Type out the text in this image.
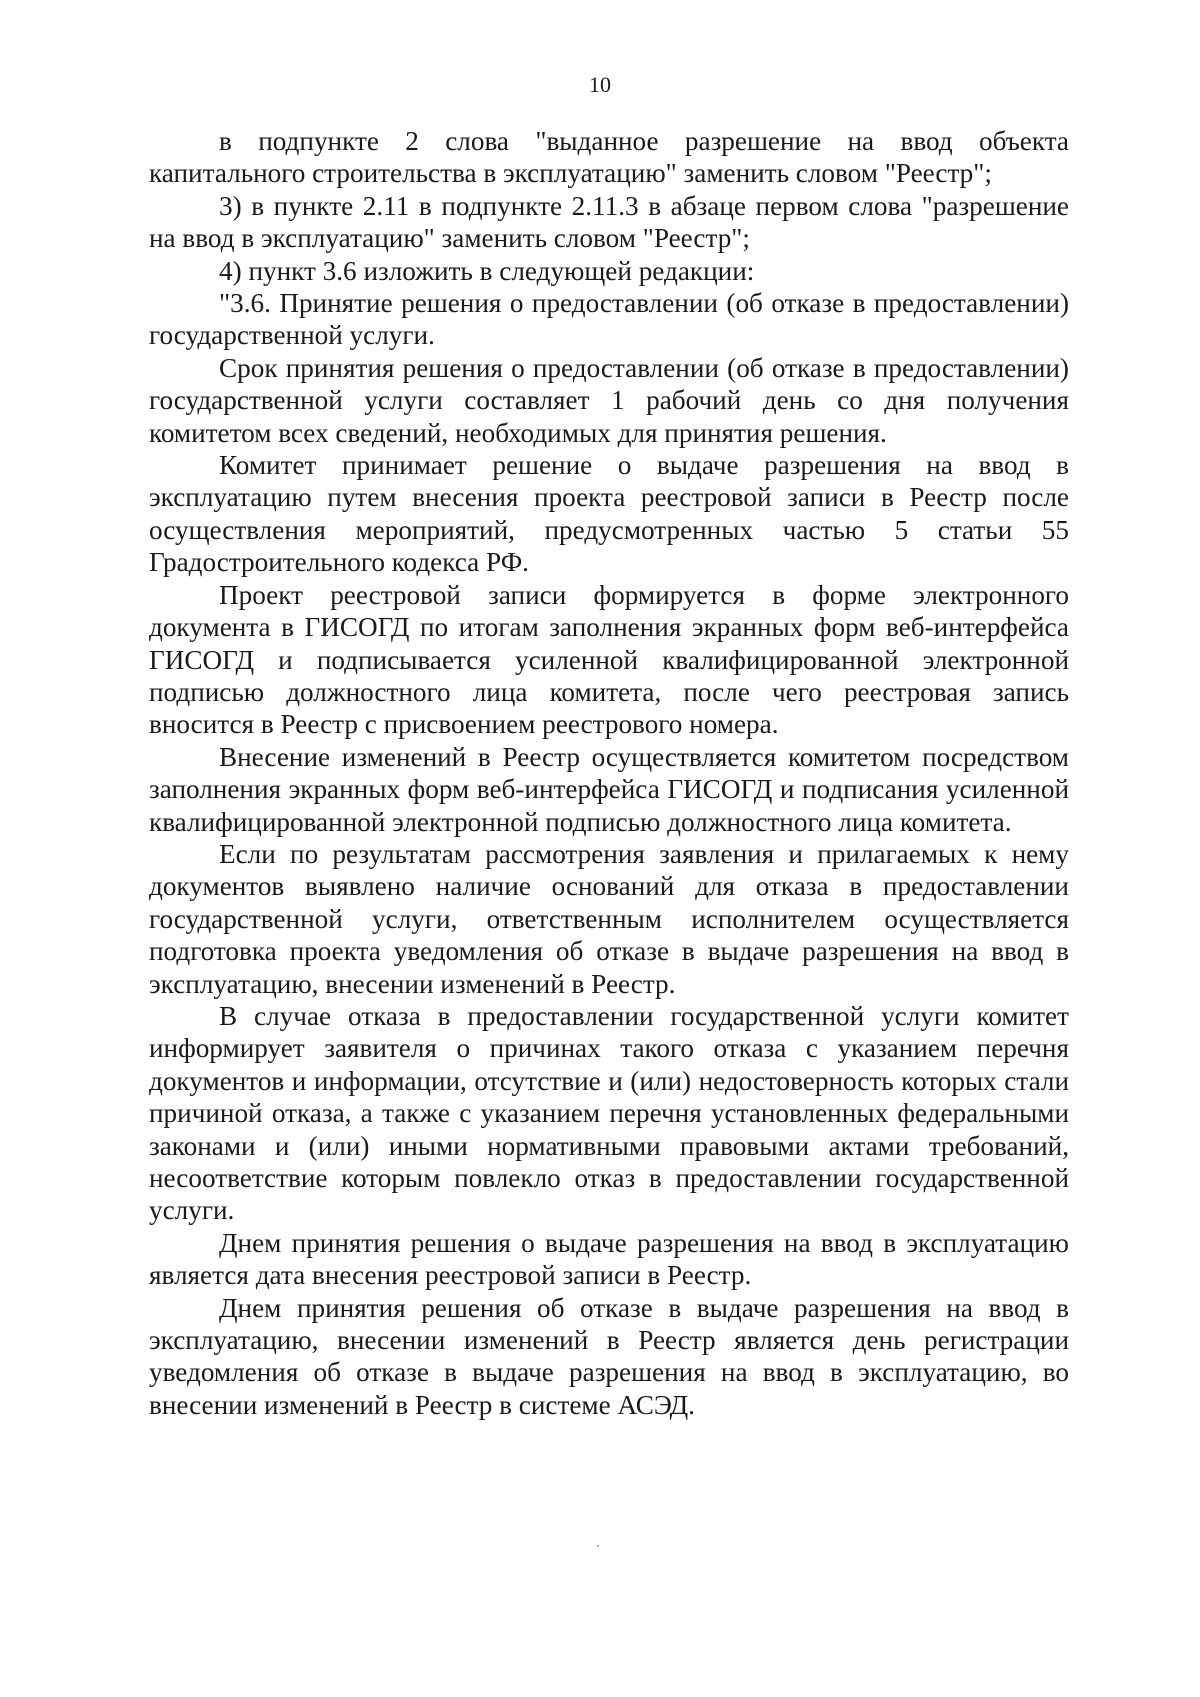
10

в подпункте 2 слова "выданное разрешение на ввод объекта капитального строительства в эксплуатацию" заменить словом "Реестр";

3) в пункте 2.11 в подпункте 2.11.3 в абзаце первом слова "разрешение на ввод в эксплуатацию" заменить словом "Реестр";

4) пункт 3.6 изложить в следующей редакции:

"3.6. Принятие решения о предоставлении (об отказе в предоставлении) государственной услуги.

Срок принятия решения о предоставлении (об отказе в предоставлении) государственной услуги составляет 1 рабочий день со дня получения комитетом всех сведений, необходимых для принятия решения.

Комитет принимает решение о выдаче разрешения на ввод в эксплуатацию путем внесения проекта реестровой записи в Реестр после осуществления мероприятий, предусмотренных частью 5 статьи 55 Градостроительного кодекса РФ.

Проект реестровой записи формируется в форме электронного документа в ГИСОГД по итогам заполнения экранных форм веб-интерфейса ГИСОГД и подписывается усиленной квалифицированной электронной подписью должностного лица комитета, после чего реестровая запись вносится в Реестр с присвоением реестрового номера.

Внесение изменений в Реестр осуществляется комитетом посредством заполнения экранных форм веб-интерфейса ГИСОГД и подписания усиленной квалифицированной электронной подписью должностного лица комитета.

Если по результатам рассмотрения заявления и прилагаемых к нему документов выявлено наличие оснований для отказа в предоставлении государственной услуги, ответственным исполнителем осуществляется подготовка проекта уведомления об отказе в выдаче разрешения на ввод в эксплуатацию, внесении изменений в Реестр.

В случае отказа в предоставлении государственной услуги комитет информирует заявителя о причинах такого отказа с указанием перечня документов и информации, отсутствие и (или) недостоверность которых стали причиной отказа, а также с указанием перечня установленных федеральными законами и (или) иными нормативными правовыми актами требований, несоответствие которым повлекло отказ в предоставлении государственной услуги.

Днем принятия решения о выдаче разрешения на ввод в эксплуатацию является дата внесения реестровой записи в Реестр.

Днем принятия решения об отказе в выдаче разрешения на ввод в эксплуатацию, внесении изменений в Реестр является день регистрации уведомления об отказе в выдаче разрешения на ввод в эксплуатацию, во внесении изменений в Реестр в системе АСЭД.
